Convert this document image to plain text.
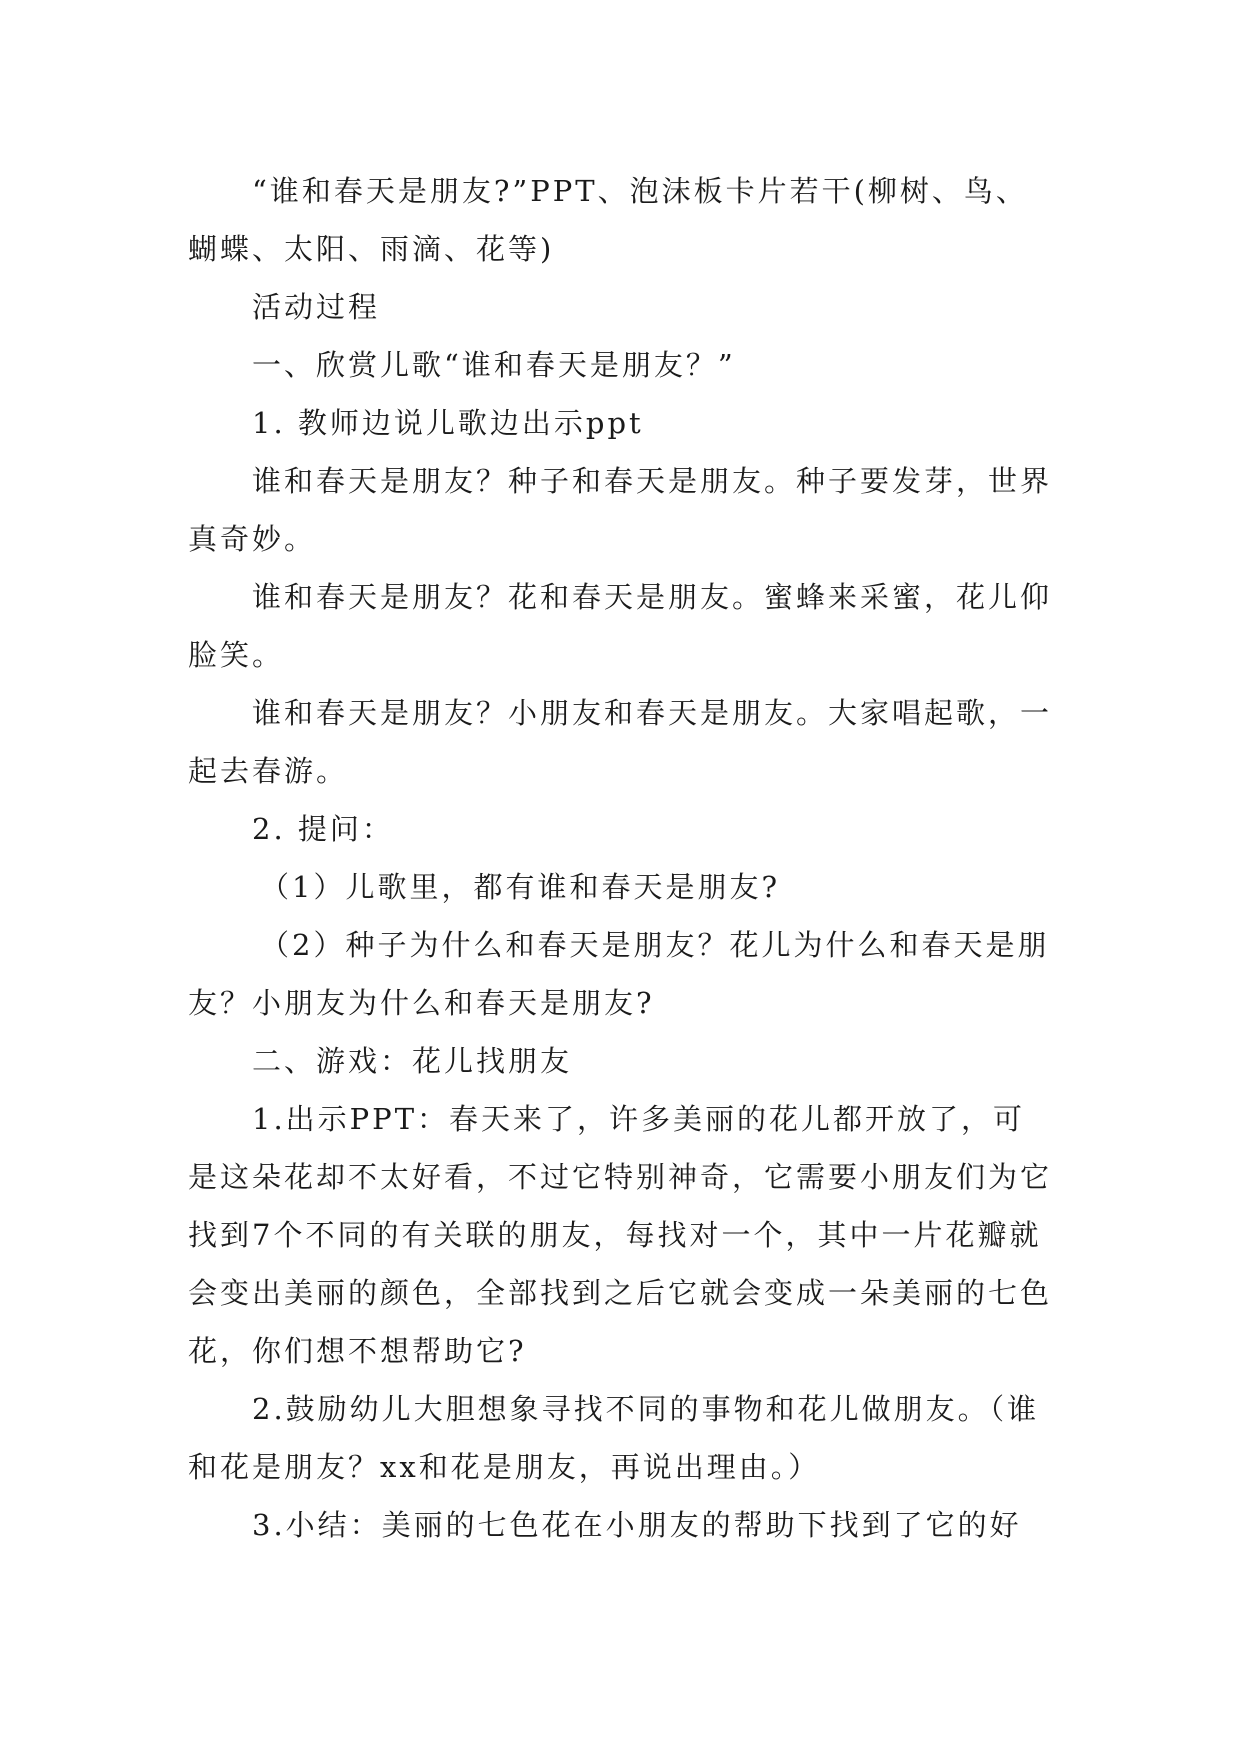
“谁和春天是朋友?”PPT、泡沫板卡片若干(柳树、鸟、蝴蝶、太阳、雨滴、花等)

活动过程

一、欣赏儿歌“谁和春天是朋友？”

1. 教师边说儿歌边出示ppt

谁和春天是朋友？种子和春天是朋友。种子要发芽，世界真奇妙。

谁和春天是朋友？花和春天是朋友。蜜蜂来采蜜，花儿仰脸笑。

谁和春天是朋友？小朋友和春天是朋友。大家唱起歌，一起去春游。

2. 提问：

（1）儿歌里，都有谁和春天是朋友?

（2）种子为什么和春天是朋友？花儿为什么和春天是朋友？小朋友为什么和春天是朋友?

二、游戏：花儿找朋友

1.出示PPT：春天来了，许多美丽的花儿都开放了，可是这朵花却不太好看，不过它特别神奇，它需要小朋友们为它找到7个不同的有关联的朋友，每找对一个，其中一片花瓣就会变出美丽的颜色，全部找到之后它就会变成一朵美丽的七色花，你们想不想帮助它?

2.鼓励幼儿大胆想象寻找不同的事物和花儿做朋友。（谁和花是朋友？xx和花是朋友，再说出理由。）

3.小结：美丽的七色花在小朋友的帮助下找到了它的好
